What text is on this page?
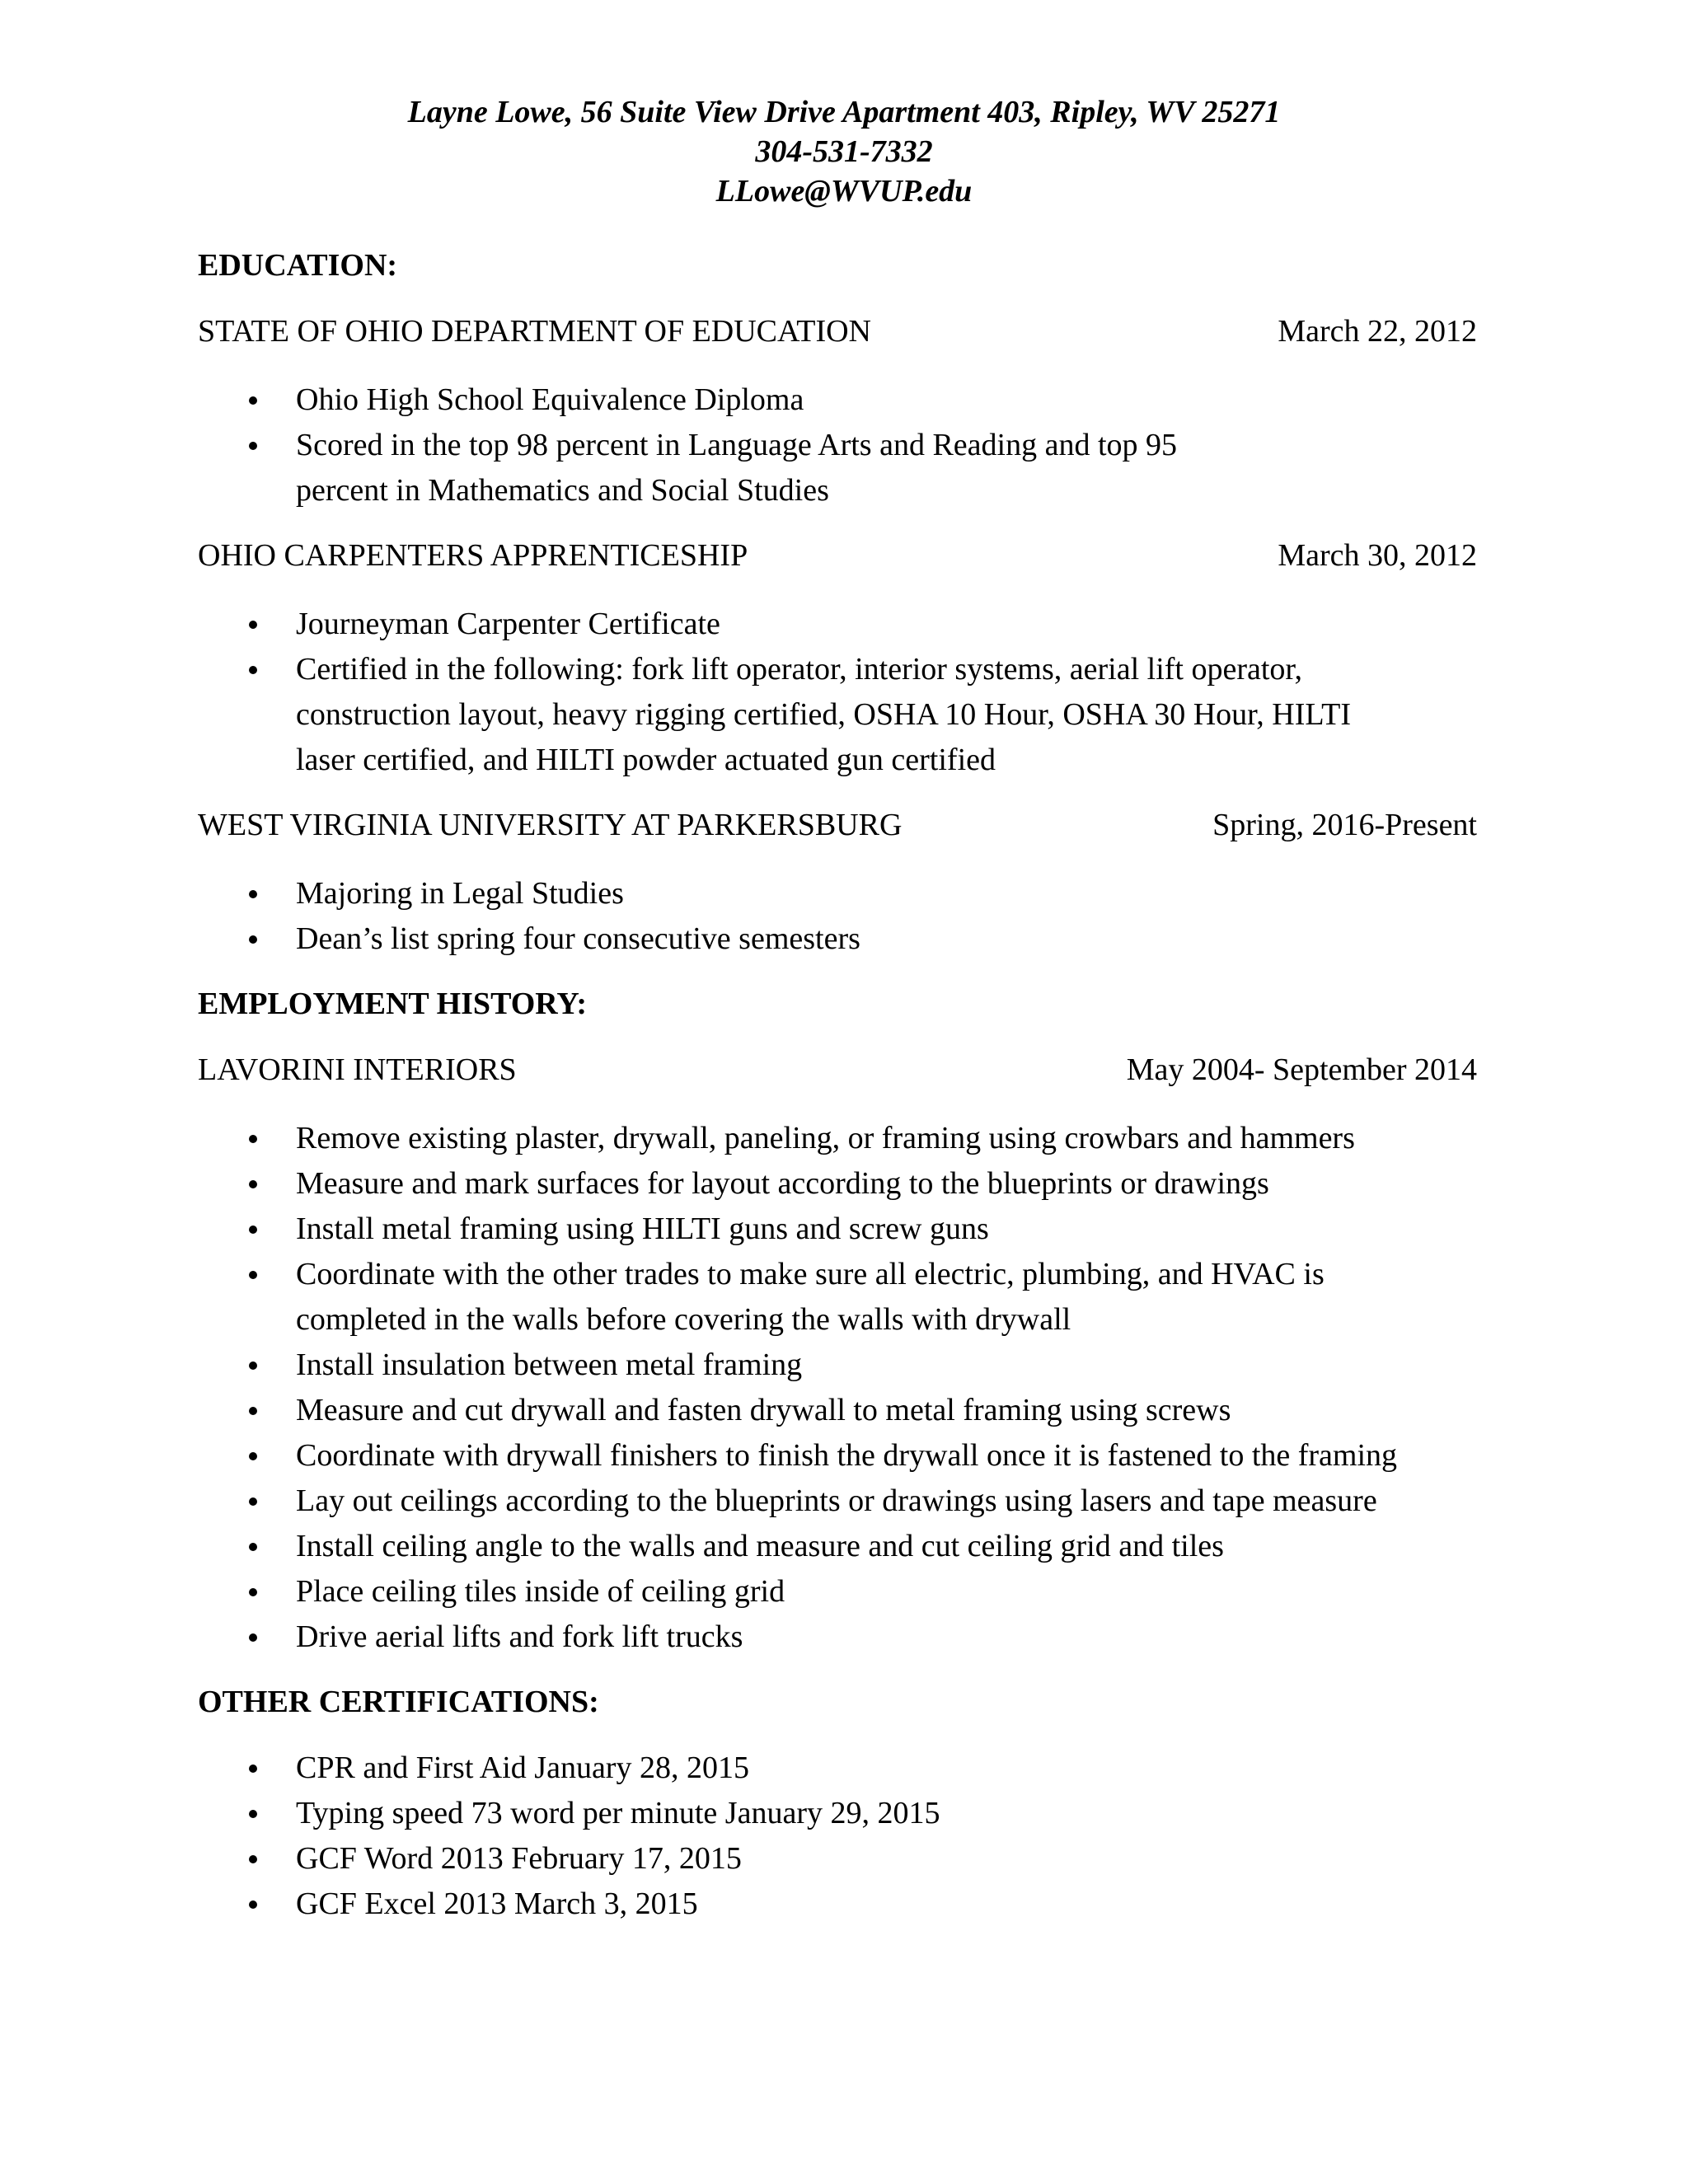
Layne Lowe, 56 Suite View Drive Apartment 403, Ripley, WV 25271
304-531-7332
LLowe@WVUP.edu
EDUCATION:
STATE OF OHIO DEPARTMENT OF EDUCATION	March 22, 2012
Ohio High School Equivalence Diploma
Scored in the top 98 percent in Language Arts and Reading and top 95 percent in Mathematics and Social Studies
OHIO CARPENTERS APPRENTICESHIP	March 30, 2012
Journeyman Carpenter Certificate
Certified in the following: fork lift operator, interior systems, aerial lift operator, construction layout, heavy rigging certified, OSHA 10 Hour, OSHA 30 Hour, HILTI laser certified, and HILTI powder actuated gun certified
WEST VIRGINIA UNIVERSITY AT PARKERSBURG	Spring, 2016-Present
Majoring in Legal Studies
Dean’s list spring four consecutive semesters
EMPLOYMENT HISTORY:
LAVORINI INTERIORS	May 2004- September 2014
Remove existing plaster, drywall, paneling, or framing using crowbars and hammers
Measure and mark surfaces for layout according to the blueprints or drawings
Install metal framing using HILTI guns and screw guns
Coordinate with the other trades to make sure all electric, plumbing, and HVAC is completed in the walls before covering the walls with drywall
Install insulation between metal framing
Measure and cut drywall and fasten drywall to metal framing using screws
Coordinate with drywall finishers to finish the drywall once it is fastened to the framing
Lay out ceilings according to the blueprints or drawings using lasers and tape measure
Install ceiling angle to the walls and measure and cut ceiling grid and tiles
Place ceiling tiles inside of ceiling grid
Drive aerial lifts and fork lift trucks
OTHER CERTIFICATIONS:
CPR and First Aid January 28, 2015
Typing speed 73 word per minute January 29, 2015
GCF Word 2013 February 17, 2015
GCF Excel 2013 March 3, 2015
